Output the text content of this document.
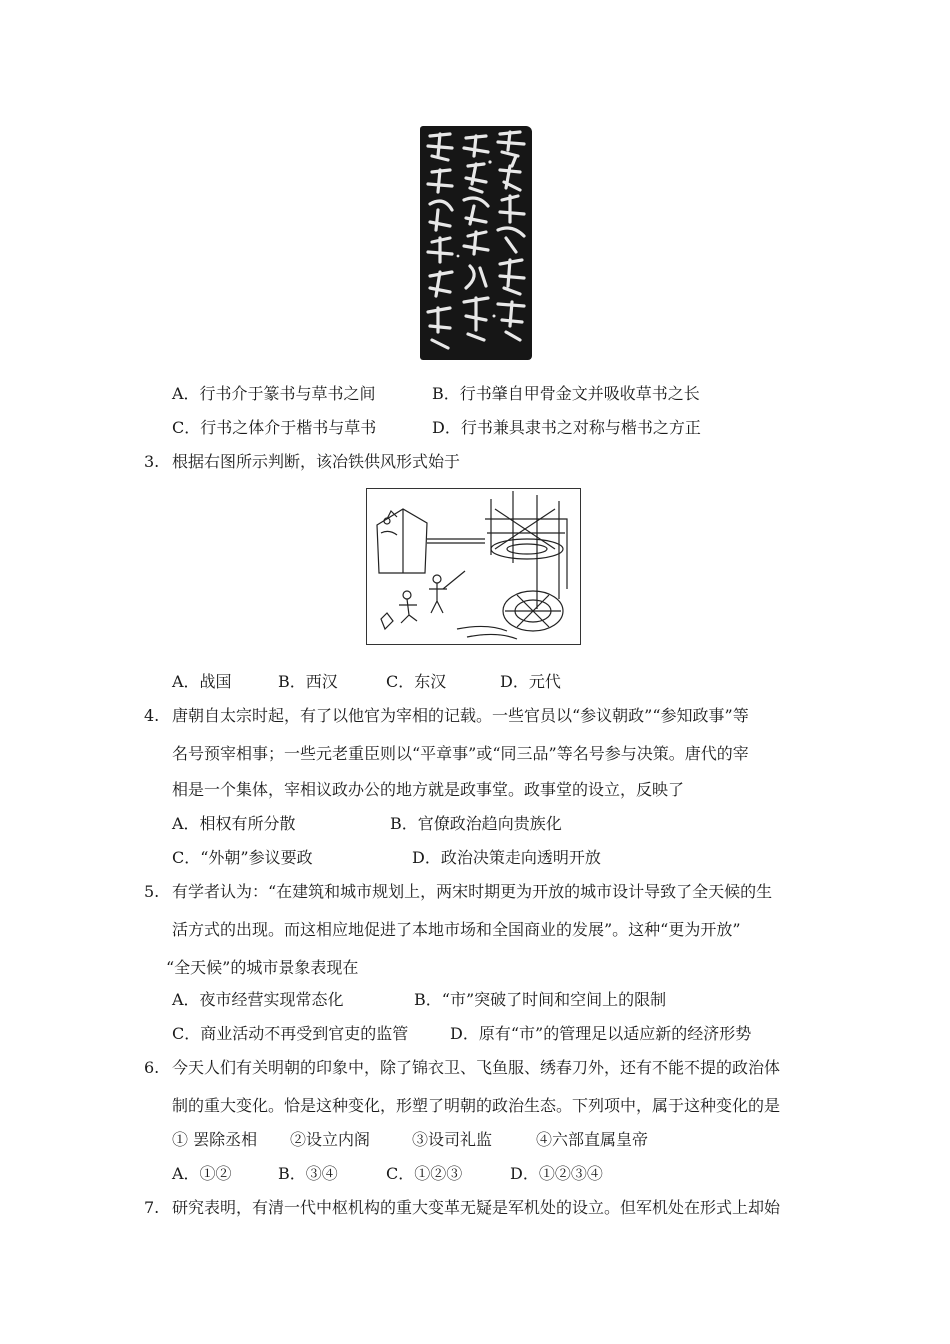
A．行书介于篆书与草书之间	B．行书肇自甲骨金文并吸收草书之长
C．行书之体介于楷书与草书	D．行书兼具隶书之对称与楷书之方正
3. 根据右图所示判断，该冶铁供风形式始于
A．战国	B．西汉	C．东汉	D．元代
4. 唐朝自太宗时起，有了以他官为宰相的记载。一些官员以“参议朝政”“参知政事”等
名号预宰相事；一些元老重臣则以“平章事”或“同三品”等名号参与决策。唐代的宰
相是一个集体，宰相议政办公的地方就是政事堂。政事堂的设立，反映了
A．相权有所分散	B．官僚政治趋向贵族化
C．“外朝”参议要政	D．政治决策走向透明开放
5. 有学者认为：“在建筑和城市规划上，两宋时期更为开放的城市设计导致了全天候的生
活方式的出现。而这相应地促进了本地市场和全国商业的发展”。这种“更为开放”
“全天候”的城市景象表现在
A．夜市经营实现常态化	B．“市”突破了时间和空间上的限制
C．商业活动不再受到官吏的监管	D．原有“市”的管理足以适应新的经济形势
6. 今天人们有关明朝的印象中，除了锦衣卫、飞鱼服、绣春刀外，还有不能不提的政治体
制的重大变化。恰是这种变化，形塑了明朝的政治生态。下列项中，属于这种变化的是
① 罢除丞相 ②设立内阁	③设司礼监	④六部直属皇帝
A．①②	B．③④	C．①②③	D．①②③④
7. 研究表明，有清一代中枢机构的重大变革无疑是军机处的设立。但军机处在形式上却始
